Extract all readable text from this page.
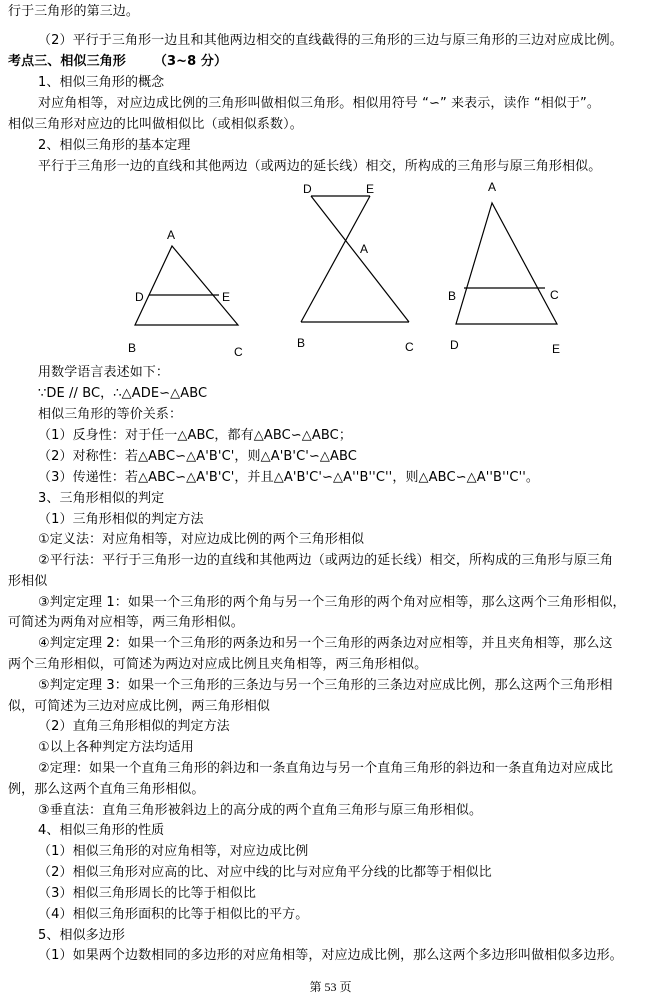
行于三角形的第三边。
（2）平行于三角形一边且和其他两边相交的直线截得的三角形的三边与原三角形的三边对应成比例。
考点三、相似三角形 （3~8 分）
1、相似三角形的概念
对应角相等，对应边成比例的三角形叫做相似三角形。相似用符号 “∽” 来表示，读作 “相似于”。
相似三角形对应边的比叫做相似比（或相似系数）。
2、相似三角形的基本定理
平行于三角形一边的直线和其他两边（或两边的延长线）相交，所构成的三角形与原三角形相似。
A
D	E
B	C
D	E
A
B	C
A
B	C
D	E
用数学语言表述如下：
∵DE // BC，∴△ADE∽△ABC
相似三角形的等价关系：
（1）反身性：对于任一△ABC，都有△ABC∽△ABC；
（2）对称性：若△ABC∽△A'B'C'，则△A'B'C'∽△ABC
（3）传递性：若△ABC∽△A'B'C'，并且△A'B'C'∽△A''B''C''，则△ABC∽△A''B''C''。
3、三角形相似的判定
（1）三角形相似的判定方法
①定义法：对应角相等，对应边成比例的两个三角形相似
②平行法：平行于三角形一边的直线和其他两边（或两边的延长线）相交，所构成的三角形与原三角
形相似
③判定定理 1：如果一个三角形的两个角与另一个三角形的两个角对应相等，那么这两个三角形相似，
可简述为两角对应相等，两三角形相似。
④判定定理 2：如果一个三角形的两条边和另一个三角形的两条边对应相等，并且夹角相等，那么这
两个三角形相似，可简述为两边对应成比例且夹角相等，两三角形相似。
⑤判定定理 3：如果一个三角形的三条边与另一个三角形的三条边对应成比例，那么这两个三角形相
似，可简述为三边对应成比例，两三角形相似
（2）直角三角形相似的判定方法
①以上各种判定方法均适用
②定理：如果一个直角三角形的斜边和一条直角边与另一个直角三角形的斜边和一条直角边对应成比
例，那么这两个直角三角形相似。
③垂直法：直角三角形被斜边上的高分成的两个直角三角形与原三角形相似。
4、相似三角形的性质
（1）相似三角形的对应角相等，对应边成比例
（2）相似三角形对应高的比、对应中线的比与对应角平分线的比都等于相似比
（3）相似三角形周长的比等于相似比
（4）相似三角形面积的比等于相似比的平方。
5、相似多边形
（1）如果两个边数相同的多边形的对应角相等，对应边成比例，那么这两个多边形叫做相似多边形。
第 53 页
